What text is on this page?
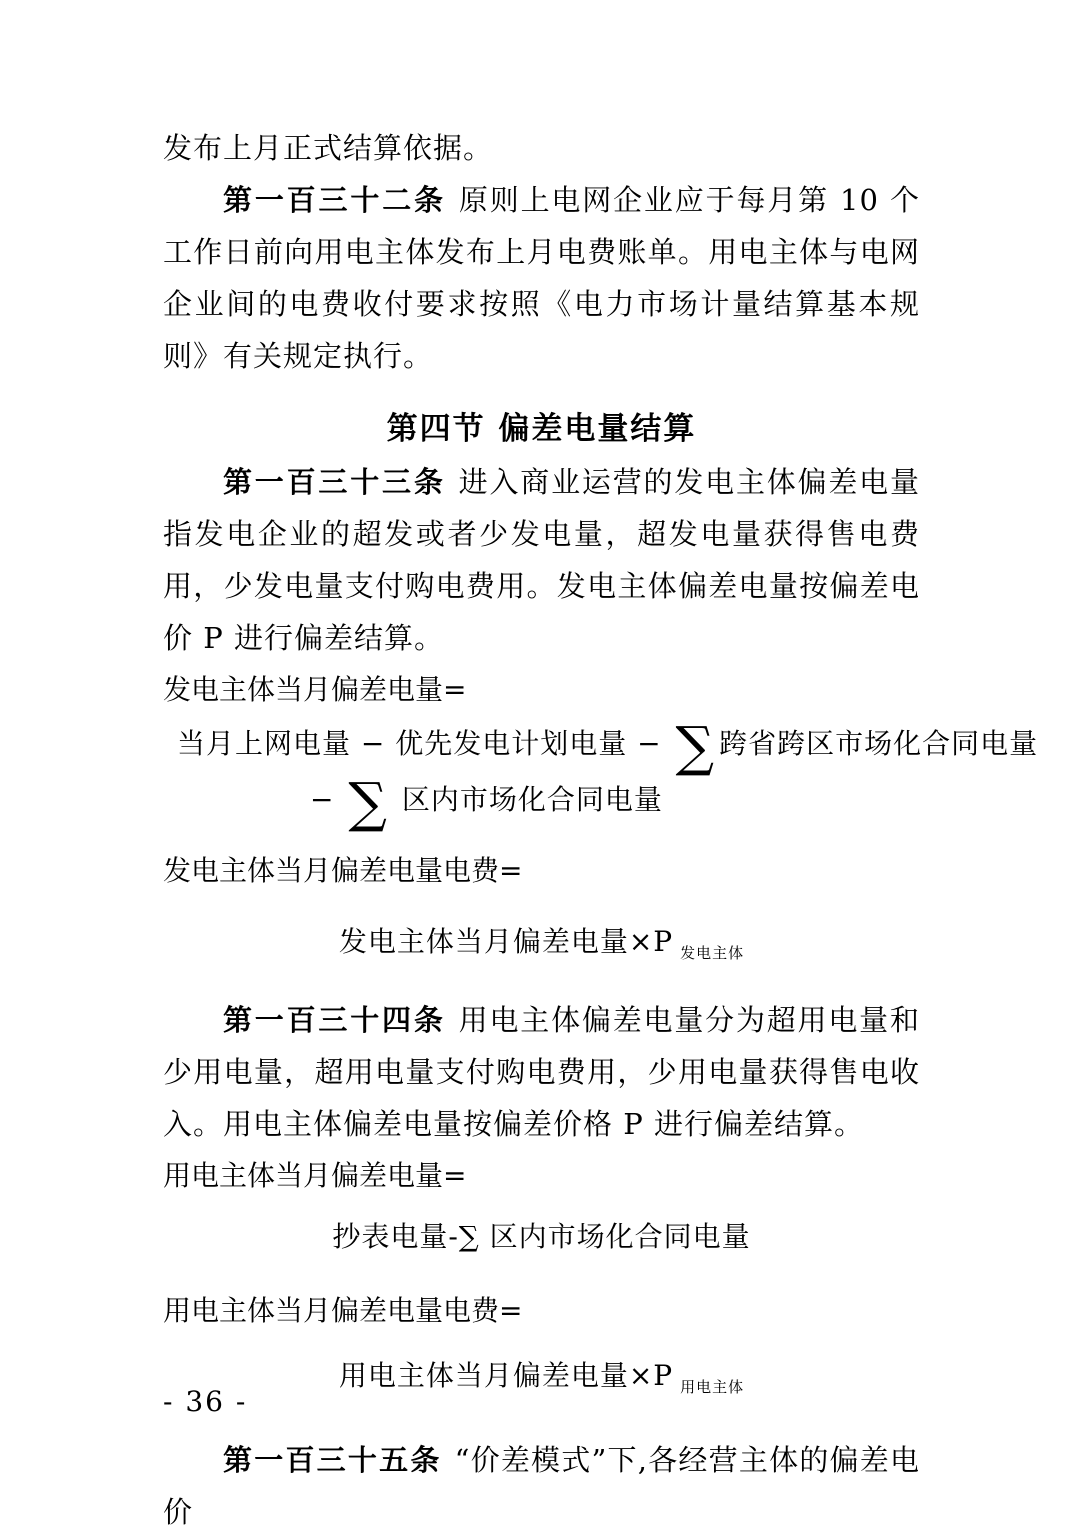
发布上月正式结算依据。

第一百三十二条 原则上电网企业应于每月第 10 个工作日前向用电主体发布上月电费账单。用电主体与电网企业间的电费收付要求按照《电力市场计量结算基本规则》有关规定执行。

第四节 偏差电量结算

第一百三十三条 进入商业运营的发电主体偏差电量指发电企业的超发或者少发电量，超发电量获得售电费用，少发电量支付购电费用。发电主体偏差电量按偏差电价 P 进行偏差结算。

发电主体当月偏差电量=

当月上网电量 − 优先发电计划电量 − ∑ 跨省跨区市场化合同电量
− ∑ 区内市场化合同电量

发电主体当月偏差电量电费=

发电主体当月偏差电量×P $_{发电主体}$

第一百三十四条 用电主体偏差电量分为超用电量和少用电量，超用电量支付购电费用，少用电量获得售电收入。用电主体偏差电量按偏差价格 P 进行偏差结算。

用电主体当月偏差电量=

抄表电量-∑ 区内市场化合同电量

用电主体当月偏差电量电费=

用电主体当月偏差电量×P $_{用电主体}$

第一百三十五条 “价差模式”下,各经营主体的偏差电价

- 36 -
